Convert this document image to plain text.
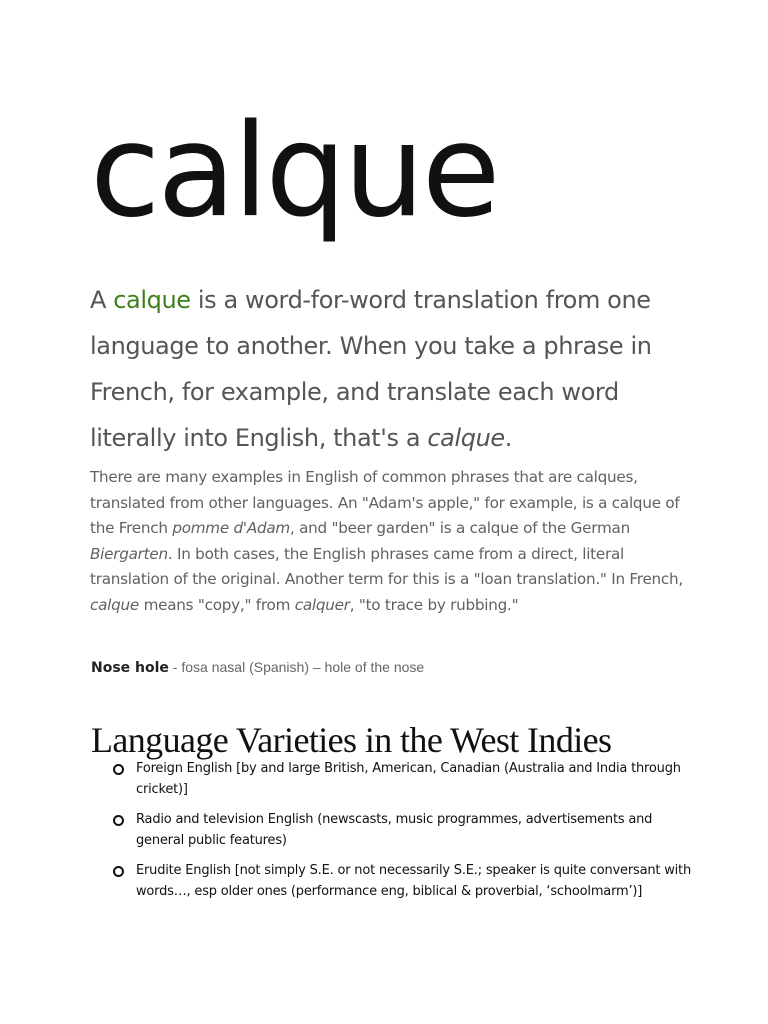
calque

A calque is a word-for-word translation from one language to another. When you take a phrase in French, for example, and translate each word literally into English, that's a calque.

There are many examples in English of common phrases that are calques, translated from other languages. An "Adam's apple," for example, is a calque of the French pomme d'Adam, and "beer garden" is a calque of the German Biergarten. In both cases, the English phrases came from a direct, literal translation of the original. Another term for this is a "loan translation." In French, calque means "copy," from calquer, "to trace by rubbing."

Nose hole - fosa nasal (Spanish) – hole of the nose

Language Varieties in the West Indies
Foreign English [by and large British, American, Canadian (Australia and India through cricket)]
Radio and television English (newscasts, music programmes, advertisements and general public features)
Erudite English [not simply S.E. or not necessarily S.E.; speaker is quite conversant with words…, esp older ones (performance eng, biblical & proverbial, ‘schoolmarm’)]
